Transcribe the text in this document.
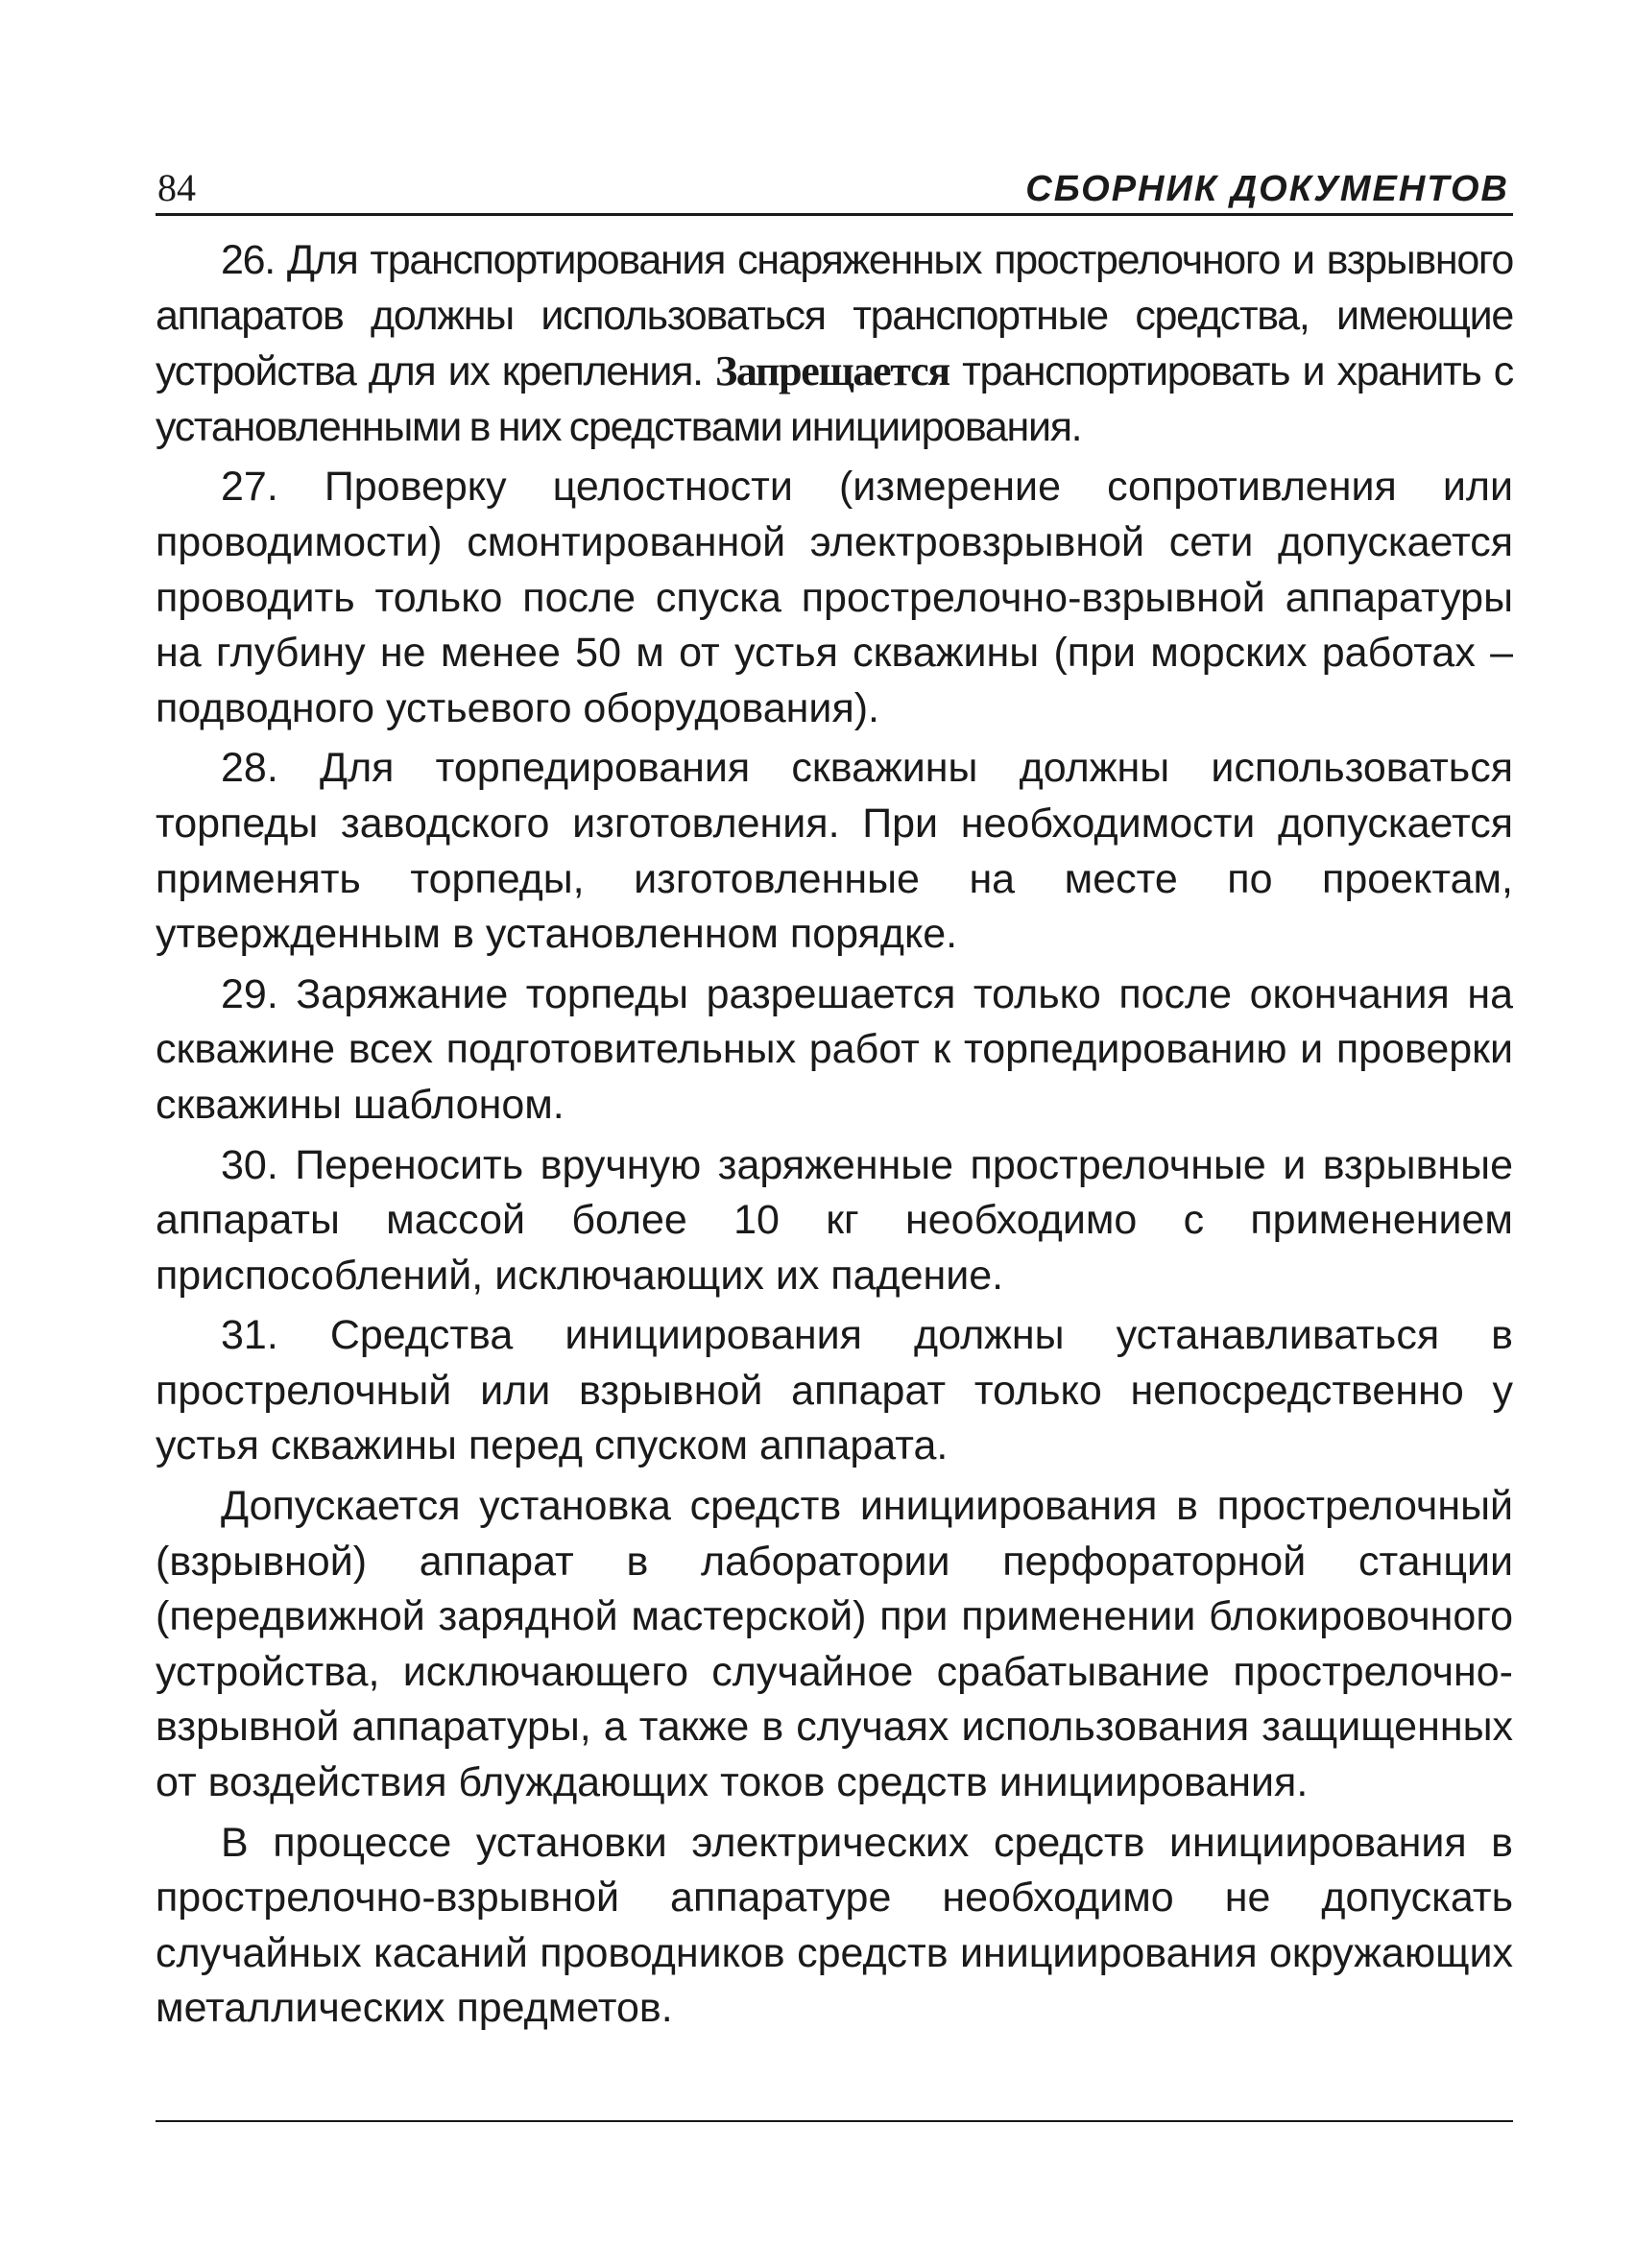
84	СБОРНИК ДОКУМЕНТОВ

26. Для транспортирования снаряженных прострелочного и взрывного аппаратов должны использоваться транспортные средства, имеющие устройства для их крепления. Запрещается транспортировать и хранить с установленными в них средствами инициирования.

27. Проверку целостности (измерение сопротивления или проводимости) смонтированной электровзрывной сети допускается проводить только после спуска прострелочно-взрывной аппаратуры на глубину не менее 50 м от устья скважины (при морских работах – подводного устьевого оборудования).

28. Для торпедирования скважины должны использоваться торпеды заводского изготовления. При необходимости допускается применять торпеды, изготовленные на месте по проектам, утвержденным в установленном порядке.

29. Заряжание торпеды разрешается только после окончания на скважине всех подготовительных работ к торпедированию и проверки скважины шаблоном.

30. Переносить вручную заряженные прострелочные и взрывные аппараты массой более 10 кг необходимо с применением приспособлений, исключающих их падение.

31. Средства инициирования должны устанавливаться в прострелочный или взрывной аппарат только непосредственно у устья скважины перед спуском аппарата.

Допускается установка средств инициирования в прострелочный (взрывной) аппарат в лаборатории перфораторной станции (передвижной зарядной мастерской) при применении блокировочного устройства, исключающего случайное срабатывание прострелочно-взрывной аппаратуры, а также в случаях использования защищенных от воздействия блуждающих токов средств инициирования.

В процессе установки электрических средств инициирования в прострелочно-взрывной аппаратуре необходимо не допускать случайных касаний проводников средств инициирования окружающих металлических предметов.
